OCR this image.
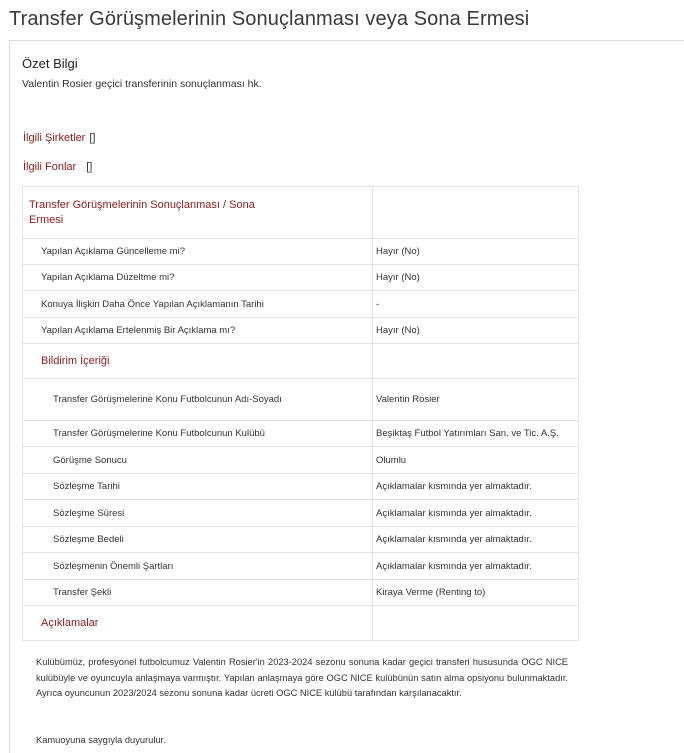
Transfer Görüşmelerinin Sonuçlanması veya Sona Ermesi
Özet Bilgi
Valentin Rosier geçici transferinin sonuçlanması hk.
İlgili Şirketler []
İlgili Fonlar []
Transfer Görüşmelerinin Sonuçlanması / Sona Ermesi	

Yapılan Açıklama Güncelleme mi?	Hayır (No)
Yapılan Açıklama Düzeltme mi?	Hayır (No)
Konuya İlişkin Daha Önce Yapılan Açıklamanın Tarihi	-
Yapılan Açıklama Ertelenmiş Bir Açıklama mı?	Hayır (No)
Bildirim İçeriği	

Transfer Görüşmelerine Konu Futbolcunun Adı-Soyadı	Valentin Rosier
Transfer Görüşmelerine Konu Futbolcunun Kulübü	Beşiktaş Futbol Yatırımları San. ve Tic. A.Ş.
Görüşme Sonucu	Olumlu
Sözleşme Tarihi	Açıklamalar kısmında yer almaktadır.
Sözleşme Süresi	Açıklamalar kısmında yer almaktadır.
Sözleşme Bedeli	Açıklamalar kısmında yer almaktadır.
Sözleşmenin Önemli Şartları	Açıklamalar kısmında yer almaktadır.
Transfer Şekli	Kiraya Verme (Renting to)
Açıklamalar	
Kulübümüz, profesyonel futbolcumuz Valentin Rosier'in 2023-2024 sezonu sonuna kadar geçici transferi hususunda OGC NICE kulübüyle ve oyuncuyla anlaşmaya varmıştır. Yapılan anlaşmaya göre OGC NICE kulübünün satın alma opsiyonu bulunmaktadır. Ayrıca oyuncunun 2023/2024 sezonu sonuna kadar ücreti OGC NICE kulübü tarafından karşılanacaktır.
Kamuoyuna saygıyla duyurulur.
